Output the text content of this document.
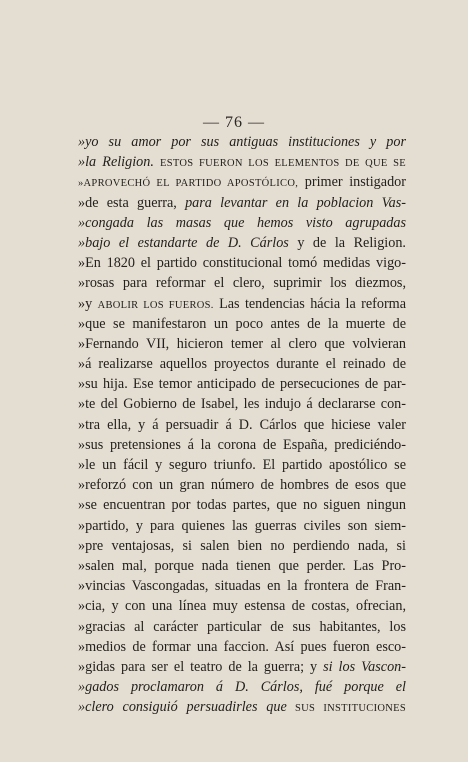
— 76 —
»yo su amor por sus antiguas instituciones y por
»la Religion. ESTOS FUERON LOS ELEMENTOS DE QUE SE
»APROVECHÓ EL PARTIDO APOSTÓLICO, primer instigador
»de esta guerra, para levantar en la poblacion Vas-
»congada las masas que hemos visto agrupadas
»bajo el estandarte de D. Cárlos y de la Religion.
»En 1820 el partido constitucional tomó medidas vigo-
»rosas para reformar el clero, suprimir los diezmos,
»y ABOLIR LOS FUEROS. Las tendencias hácia la reforma
»que se manifestaron un poco antes de la muerte de
»Fernando VII, hicieron temer al clero que volvieran
»á realizarse aquellos proyectos durante el reinado de
»su hija. Ese temor anticipado de persecuciones de par-
»te del Gobierno de Isabel, les indujo á declararse con-
»tra ella, y á persuadir á D. Cárlos que hiciese valer
»sus pretensiones á la corona de España, prediciéndo-
»le un fácil y seguro triunfo. El partido apostólico se
»reforzó con un gran número de hombres de esos que
»se encuentran por todas partes, que no siguen ningun
»partido, y para quienes las guerras civiles son siem-
»pre ventajosas, si salen bien no perdiendo nada, si
»salen mal, porque nada tienen que perder. Las Pro-
»vincias Vascongadas, situadas en la frontera de Fran-
»cia, y con una línea muy estensa de costas, ofrecian,
»gracias al carácter particular de sus habitantes, los
»medios de formar una faccion. Así pues fueron esco-
»gidas para ser el teatro de la guerra; y si los Vascon-
»gados proclamaron á D. Cárlos, fué porque el
»clero consiguió persuadirles que SUS INSTITUCIONES
